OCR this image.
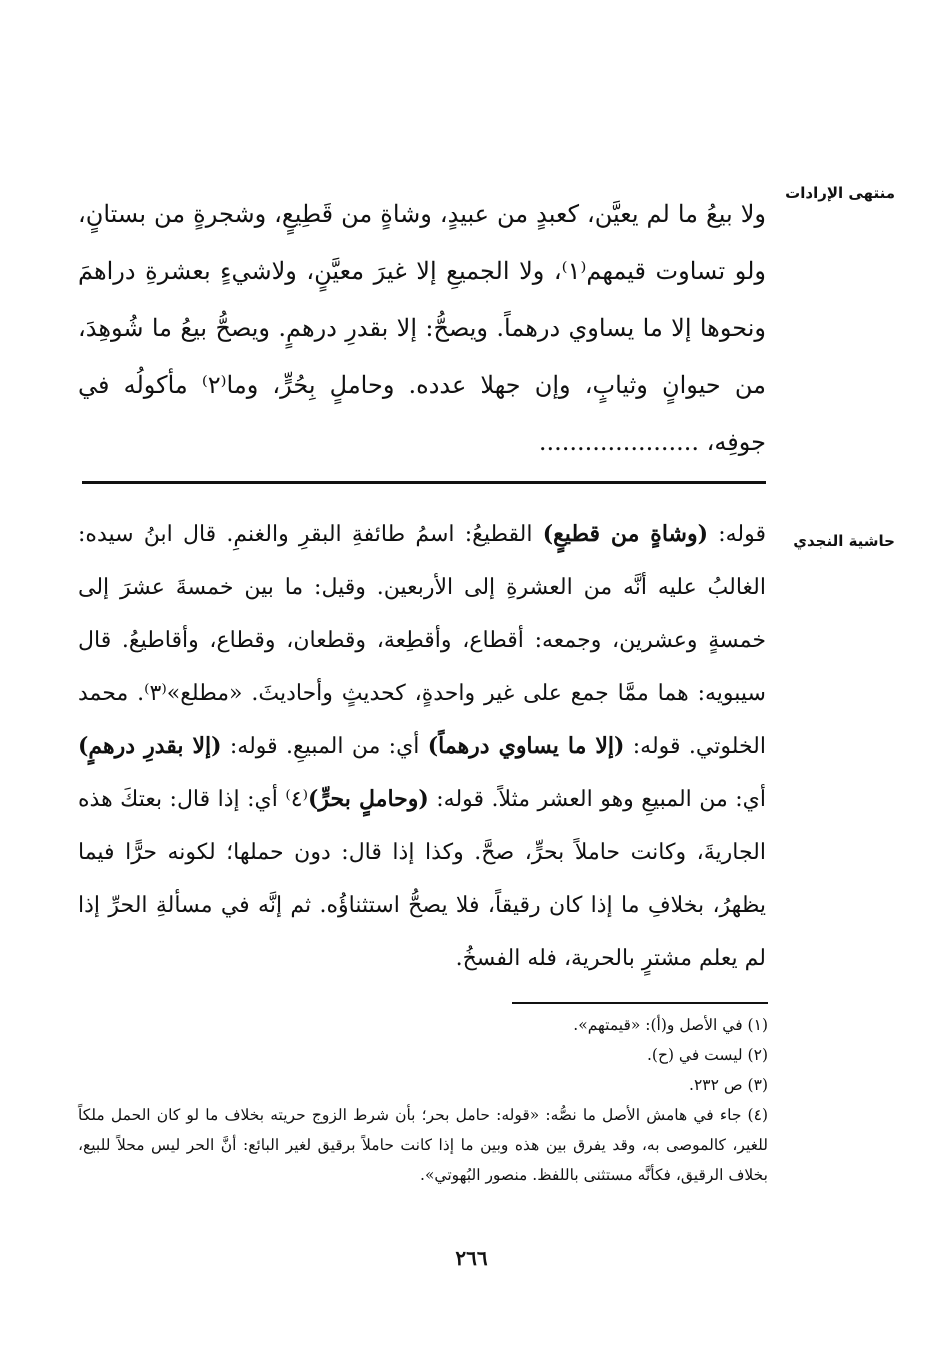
منتهى الإرادات

ولا بيعُ ما لم يعيَّن، كعبدٍ من عبيدٍ، وشاةٍ من قَطِيعٍ، وشجرةٍ من بستانٍ، ولو تساوت قيمهم⁽١⁾، ولا الجميعِ إلا غيرَ معيَّنٍ، ولاشيءٍ بعشرةِ دراهمَ ونحوها إلا ما يساوي درهماً. ويصحُّ: إلا بقدرِ درهمٍ. ويصحُّ بيعُ ما شُوهِدَ، من حيوانٍ وثيابٍ، وإن جهلا عدده. وحاملٍ بِحُرٍّ، وما⁽٢⁾ مأكولُه في جوفِه، .....................

حاشية النجدي

قوله: (وشاةٍ من قطيعٍ) القطيعُ: اسمُ طائفةِ البقرِ والغنمِ. قال ابنُ سيده: الغالبُ عليه أنَّه من العشرةِ إلى الأربعين. وقيل: ما بين خمسةَ عشرَ إلى خمسةٍ وعشرين، وجمعه: أقطاع، وأقطِعة، وقطعان، وقطاع، وأقاطيعُ. قال سيبويه: هما ممَّا جمع على غير واحدةٍ، كحديثٍ وأحاديثَ. «مطلع»⁽٣⁾. محمد الخلوتي. قوله: (إلا ما يساوي درهماً) أي: من المبيعِ. قوله: (إلا بقدرِ درهمٍ) أي: من المبيعِ وهو العشر مثلاً. قوله: (وحاملٍ بحرٍّ)⁽٤⁾ أي: إذا قال: بعتكَ هذه الجاريةَ، وكانت حاملاً بحرٍّ، صحَّ. وكذا إذا قال: دون حملها؛ لكونه حرًّا فيما يظهرُ، بخلافِ ما إذا كان رقيقاً، فلا يصحُّ استثناؤُه. ثم إنَّه في مسألةِ الحرِّ إذا لم يعلم مشترٍ بالحرية، فله الفسخُ.

(١) في الأصل و(أ): «قيمتهم».

(٢) ليست في (ح).

(٣) ص ٢٣٢.

(٤) جاء في هامش الأصل ما نصُّه: «قوله: حامل بحر؛ بأن شرط الزوج حريته بخلاف ما لو كان الحمل ملكاً للغير، كالموصى به، وقد يفرق بين هذه وبين ما إذا كانت حاملاً برقيق لغير البائع: أنَّ الحر ليس محلاً للبيع، بخلاف الرقيق، فكأنَّه مستثنى باللفظ. منصور البُهوتي».

٢٦٦
